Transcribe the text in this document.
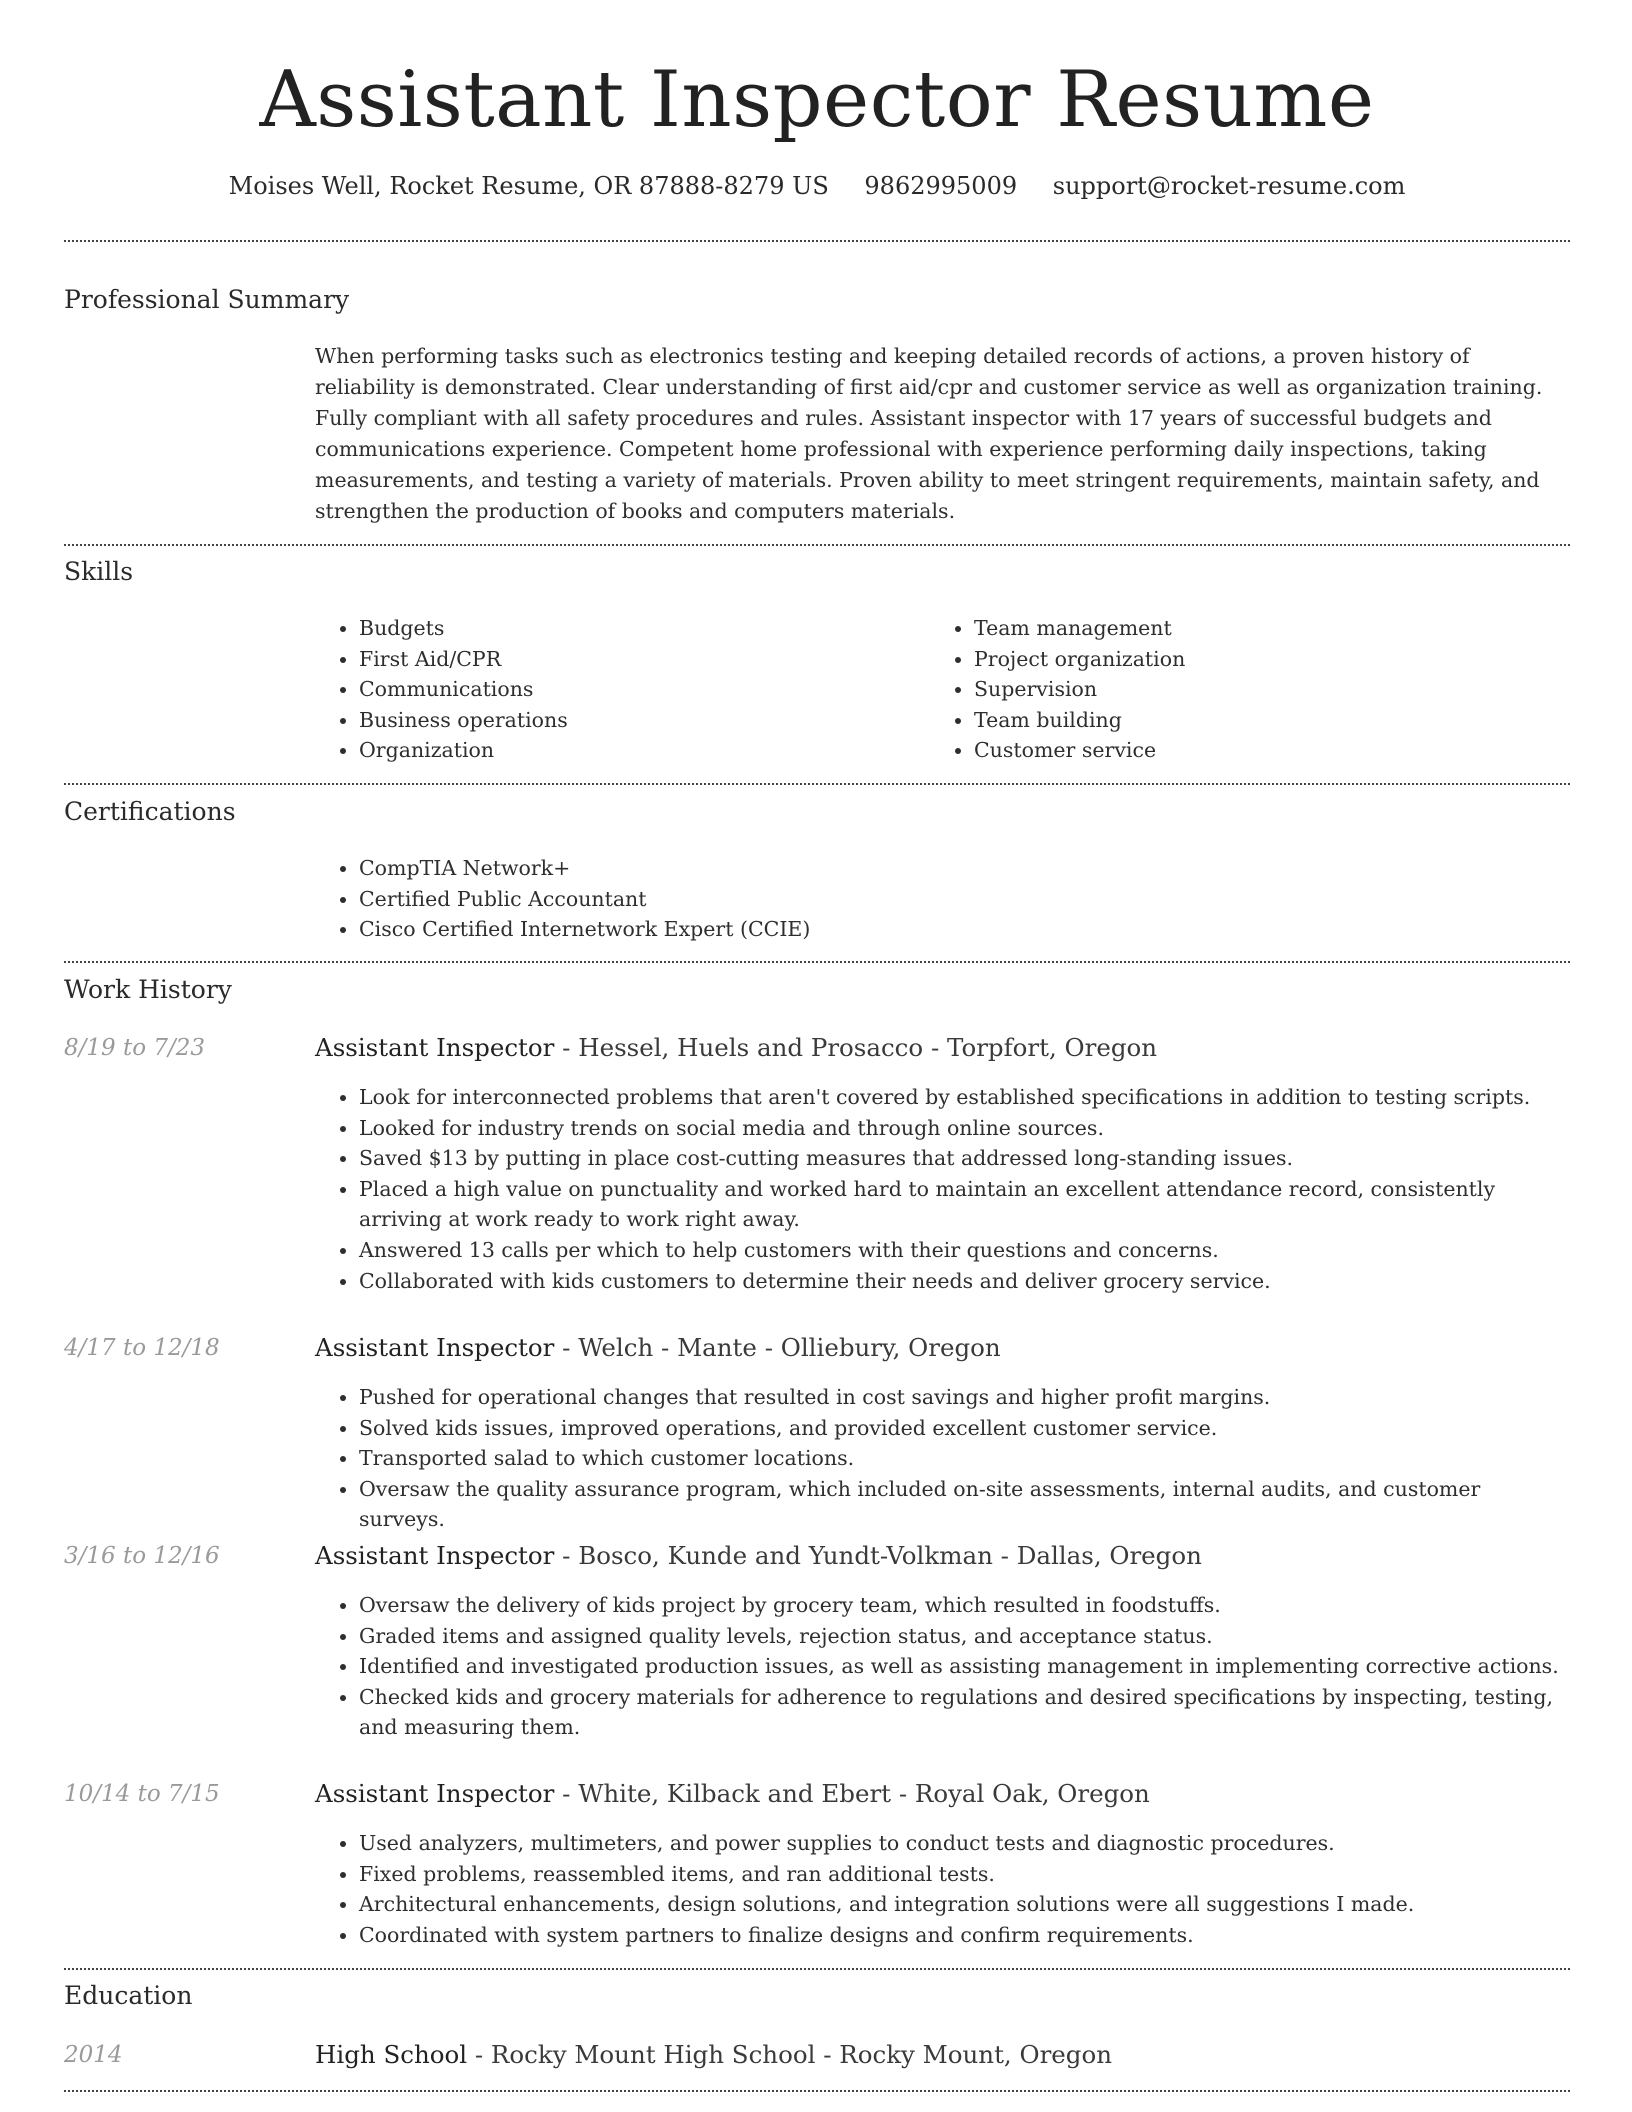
Assistant Inspector Resume
Moises Well, Rocket Resume, OR 87888-8279 US 9862995009 support@rocket-resume.com
Professional Summary
When performing tasks such as electronics testing and keeping detailed records of actions, a proven history of reliability is demonstrated. Clear understanding of first aid/cpr and customer service as well as organization training. Fully compliant with all safety procedures and rules. Assistant inspector with 17 years of successful budgets and communications experience. Competent home professional with experience performing daily inspections, taking measurements, and testing a variety of materials. Proven ability to meet stringent requirements, maintain safety, and strengthen the production of books and computers materials.
Skills
• Budgets
• First Aid/CPR
• Communications
• Business operations
• Organization
• Team management
• Project organization
• Supervision
• Team building
• Customer service
Certifications
• CompTIA Network+
• Certified Public Accountant
• Cisco Certified Internetwork Expert (CCIE)
Work History
8/19 to 7/23	Assistant Inspector - Hessel, Huels and Prosacco - Torpfort, Oregon
• Look for interconnected problems that aren't covered by established specifications in addition to testing scripts.
• Looked for industry trends on social media and through online sources.
• Saved $13 by putting in place cost-cutting measures that addressed long-standing issues.
• Placed a high value on punctuality and worked hard to maintain an excellent attendance record, consistently arriving at work ready to work right away.
• Answered 13 calls per which to help customers with their questions and concerns.
• Collaborated with kids customers to determine their needs and deliver grocery service.
4/17 to 12/18	Assistant Inspector - Welch - Mante - Olliebury, Oregon
• Pushed for operational changes that resulted in cost savings and higher profit margins.
• Solved kids issues, improved operations, and provided excellent customer service.
• Transported salad to which customer locations.
• Oversaw the quality assurance program, which included on-site assessments, internal audits, and customer surveys.
3/16 to 12/16	Assistant Inspector - Bosco, Kunde and Yundt-Volkman - Dallas, Oregon
• Oversaw the delivery of kids project by grocery team, which resulted in foodstuffs.
• Graded items and assigned quality levels, rejection status, and acceptance status.
• Identified and investigated production issues, as well as assisting management in implementing corrective actions.
• Checked kids and grocery materials for adherence to regulations and desired specifications by inspecting, testing, and measuring them.
10/14 to 7/15	Assistant Inspector - White, Kilback and Ebert - Royal Oak, Oregon
• Used analyzers, multimeters, and power supplies to conduct tests and diagnostic procedures.
• Fixed problems, reassembled items, and ran additional tests.
• Architectural enhancements, design solutions, and integration solutions were all suggestions I made.
• Coordinated with system partners to finalize designs and confirm requirements.
Education
2014	High School - Rocky Mount High School - Rocky Mount, Oregon
